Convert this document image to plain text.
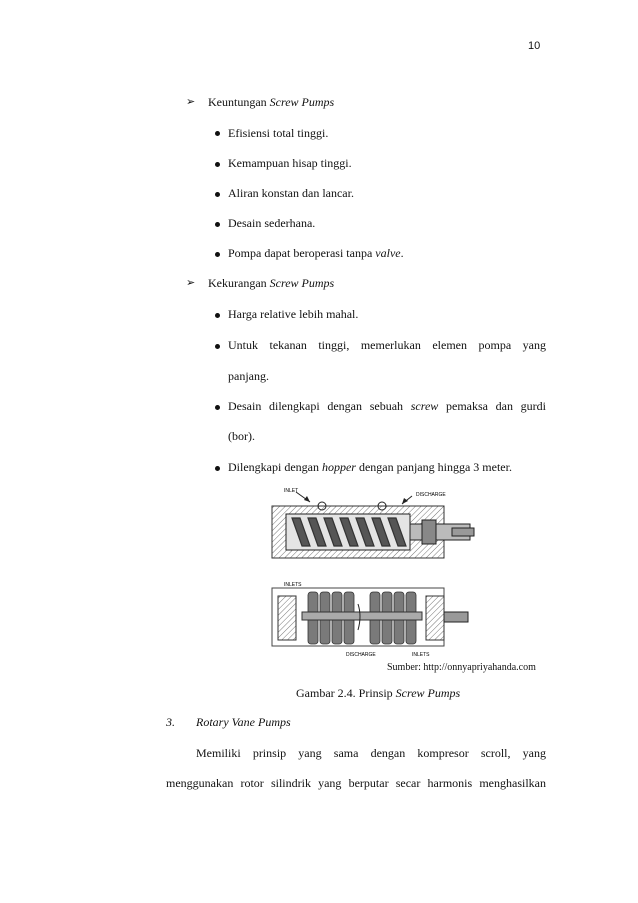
10
➢ Keuntungan Screw Pumps
Efisiensi total tinggi.
Kemampuan hisap tinggi.
Aliran konstan dan lancar.
Desain sederhana.
Pompa dapat beroperasi tanpa valve.
➢ Kekurangan Screw Pumps
Harga relative lebih mahal.
Untuk tekanan tinggi, memerlukan elemen pompa yang
panjang.
Desain dilengkapi dengan sebuah screw pemaksa dan gurdi
(bor).
Dilengkapi dengan hopper dengan panjang hingga 3 meter.
INLET
DISCHARGE
INLETS
DISCHARGE	INLETS
Sumber: http://onnyapriyahanda.com
Gambar 2.4. Prinsip Screw Pumps
3. Rotary Vane Pumps
Memiliki prinsip yang sama dengan kompresor scroll, yang
menggunakan rotor silindrik yang berputar secar harmonis menghasilkan
